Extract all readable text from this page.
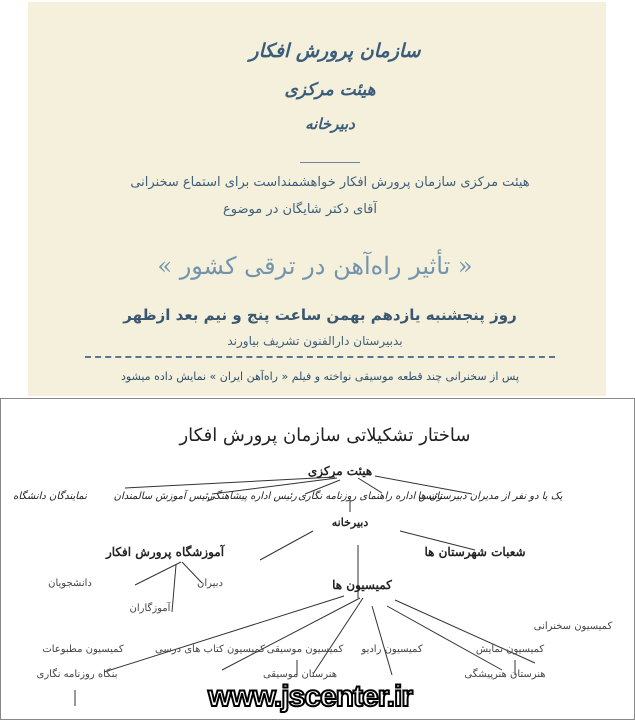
سازمان پرورش افکار
هیئت مرکزی
دبیرخانه
هیئت مرکزی سازمان پرورش افکار خواهشمنداست برای استماع سخنرانی
آقای دکتر شایگان در موضوع
« تأثیر راه‌آهن در ترقی کشور »
روز پنجشنبه یازدهم بهمن ساعت پنج و نیم بعد ازظهر
بدبیرستان دارالفنون تشریف بیاورند
پس از سخنرانی چند قطعه موسیقی نواخته و فیلم « راه‌آهن ایران » نمایش داده میشود
ساختار تشکیلاتی سازمان پرورش افکار
هیئت مرکزی
یک یا دو نفر از مدیران دبیرستان ها
رئیس اداره راهنمای روزنامه نگاری
رئیس اداره پیشاهنگی
رئیس آموزش سالمندان
نمایندگان دانشگاه
دبیرخانه
آموزشگاه پرورش افکار	شعبات شهرستان ها
کمیسیون ها
دانشجویان	دبیران
آموزگاران
کمیسیون سخنرانی
کمیسیون مطبوعات	کمیسیون کتاب های درسی کمیسیون موسیقی کمیسیون رادیو	کمیسیون نمایش
بنگاه روزنامه نگاری	هنرستان موسیقی	هنرستان هنرپیشگی
www.jscenter.ir
